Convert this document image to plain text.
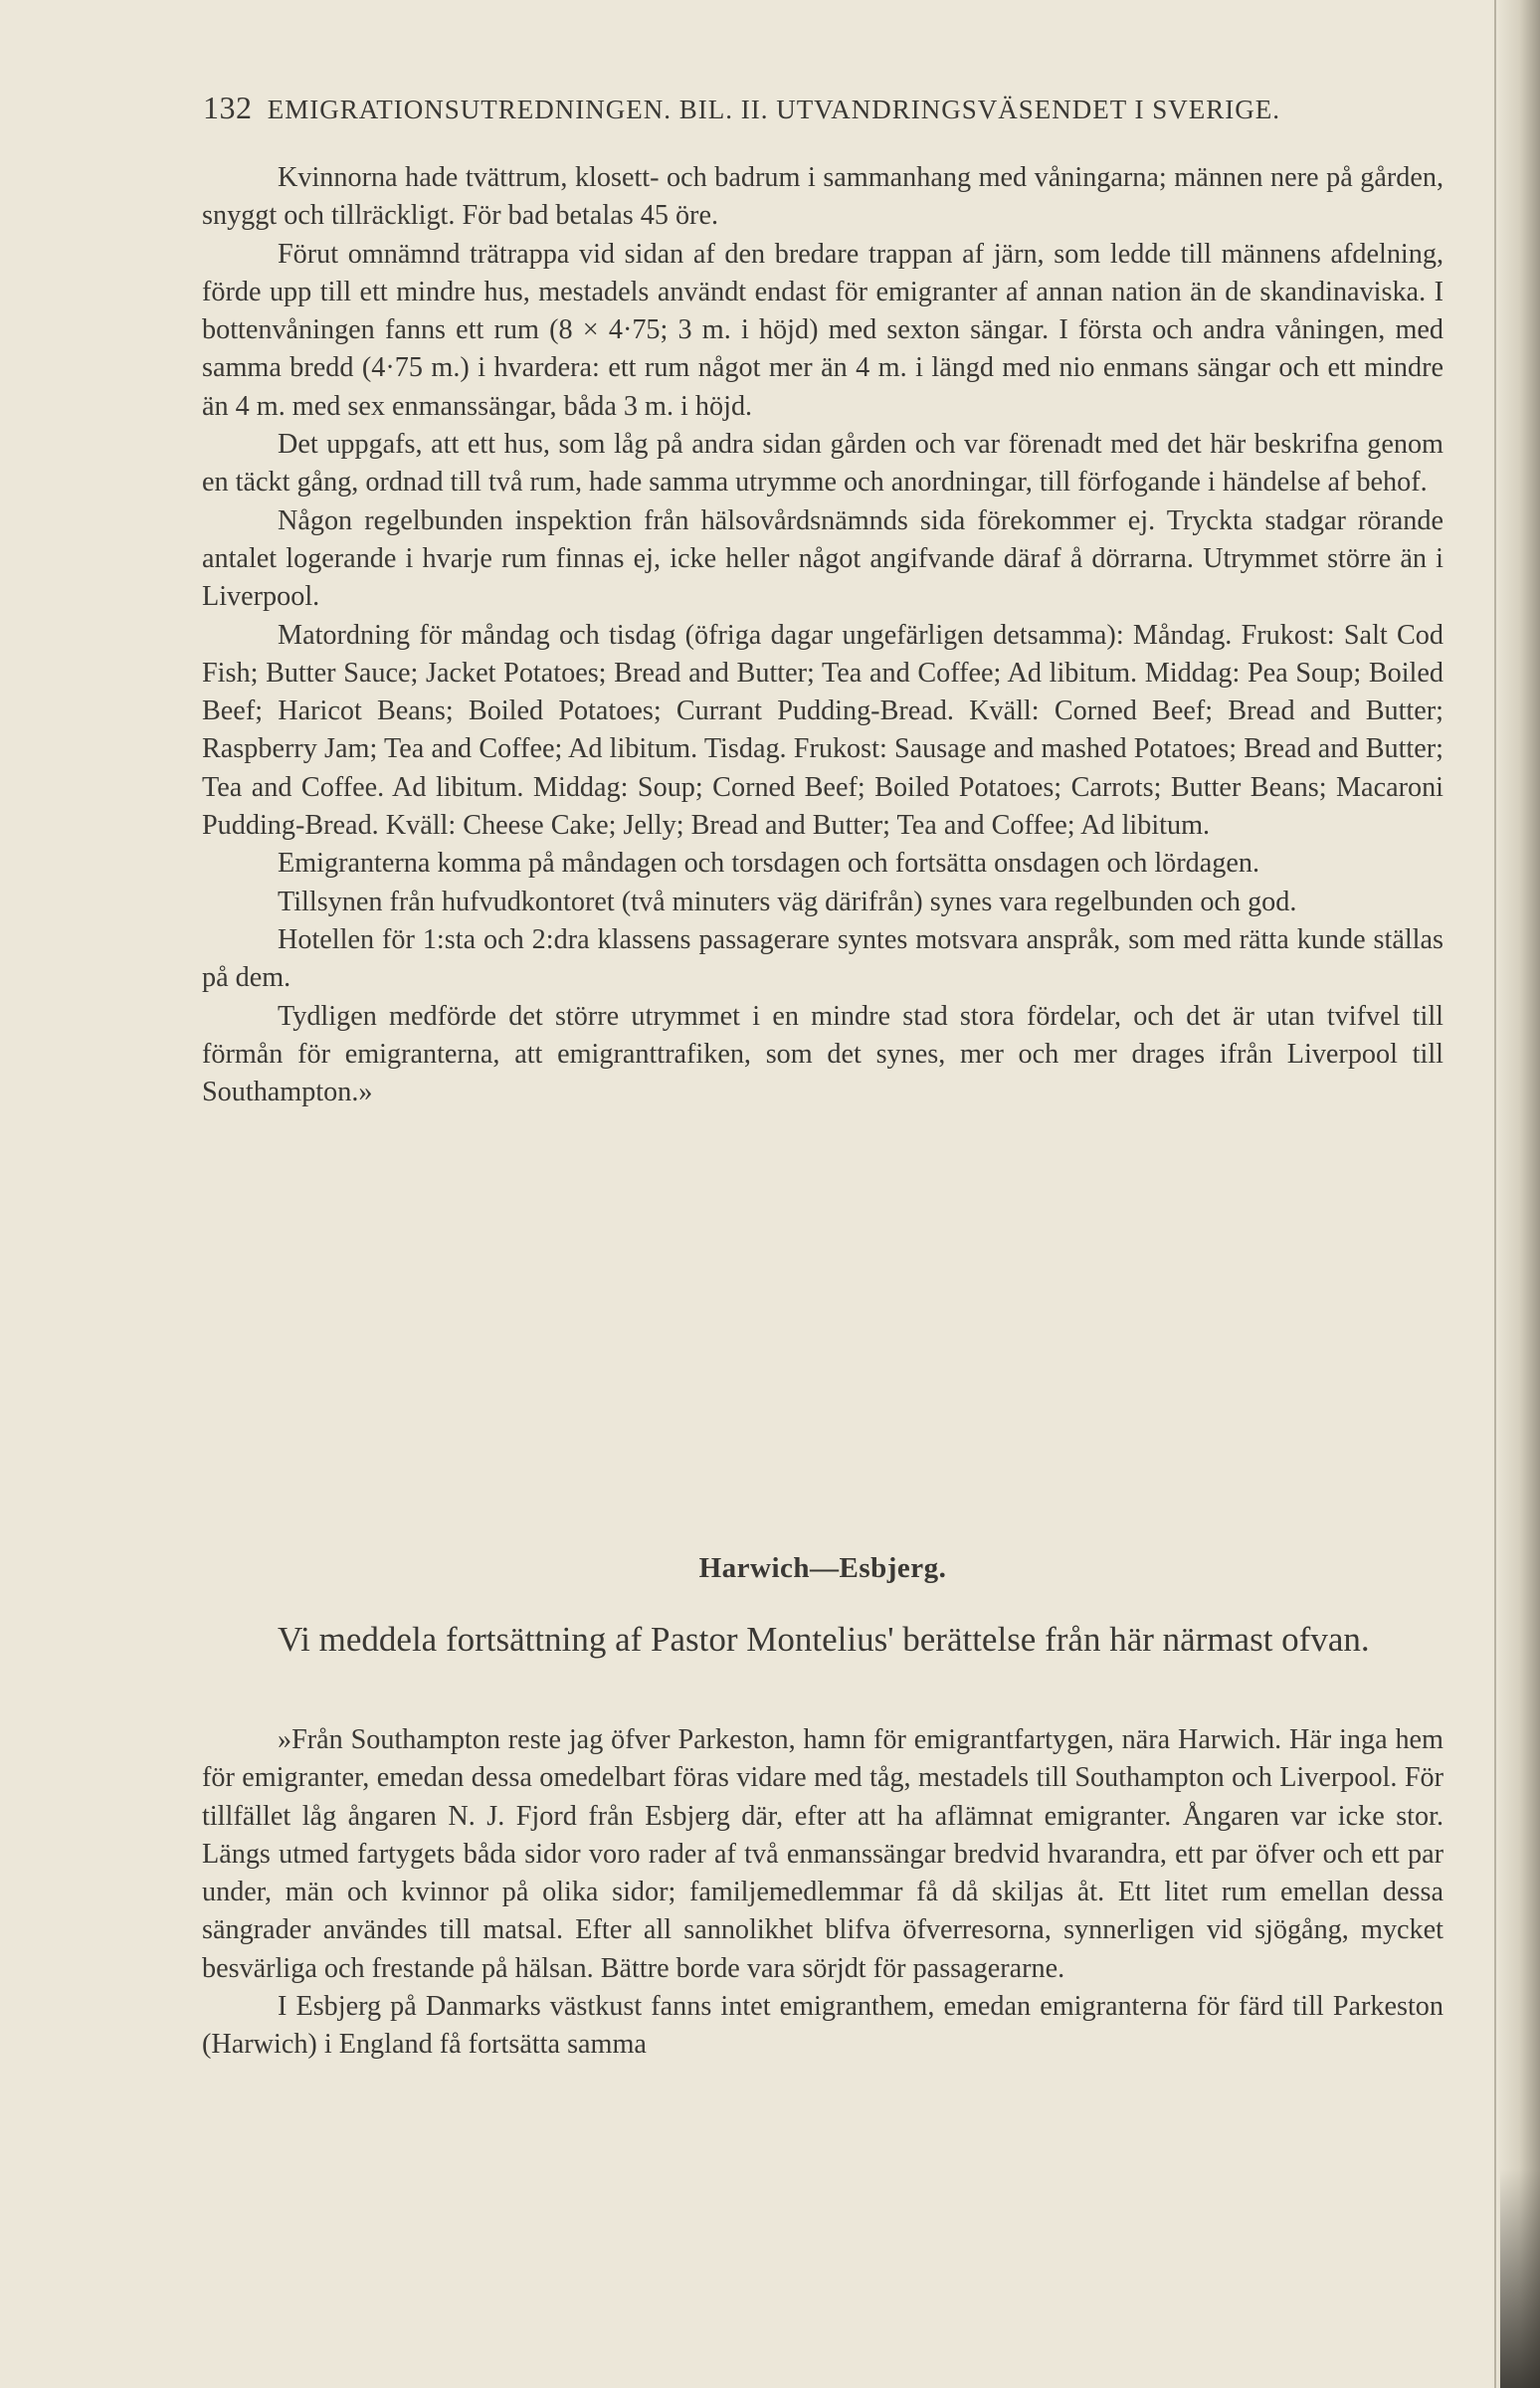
132 EMIGRATIONSUTREDNINGEN. BIL. II. UTVANDRINGSVÄSENDET I SVERIGE.

Kvinnorna hade tvättrum, klosett- och badrum i sammanhang med våningarna; männen nere på gården, snyggt och tillräckligt. För bad betalas 45 öre.

Förut omnämnd trätrappa vid sidan af den bredare trappan af järn, som ledde till männens afdelning, förde upp till ett mindre hus, mestadels användt endast för emigranter af annan nation än de skandinaviska. I bottenvåningen fanns ett rum (8 × 4·75; 3 m. i höjd) med sexton sängar. I första och andra våningen, med samma bredd (4·75 m.) i hvardera: ett rum något mer än 4 m. i längd med nio enmans sängar och ett mindre än 4 m. med sex enmanssängar, båda 3 m. i höjd.

Det uppgafs, att ett hus, som låg på andra sidan gården och var förenadt med det här beskrifna genom en täckt gång, ordnad till två rum, hade samma utrymme och anordningar, till förfogande i händelse af behof.

Någon regelbunden inspektion från hälsovårdsnämnds sida förekommer ej. Tryckta stadgar rörande antalet logerande i hvarje rum finnas ej, icke heller något angifvande däraf å dörrarna. Utrymmet större än i Liverpool.

Matordning för måndag och tisdag (öfriga dagar ungefärligen detsamma): Måndag. Frukost: Salt Cod Fish; Butter Sauce; Jacket Potatoes; Bread and Butter; Tea and Coffee; Ad libitum. Middag: Pea Soup; Boiled Beef; Haricot Beans; Boiled Potatoes; Currant Pudding-Bread. Kväll: Corned Beef; Bread and Butter; Raspberry Jam; Tea and Coffee; Ad libitum. Tisdag. Frukost: Sausage and mashed Potatoes; Bread and Butter; Tea and Coffee. Ad libitum. Middag: Soup; Corned Beef; Boiled Potatoes; Carrots; Butter Beans; Macaroni Pudding-Bread. Kväll: Cheese Cake; Jelly; Bread and Butter; Tea and Coffee; Ad libitum.

Emigranterna komma på måndagen och torsdagen och fortsätta onsdagen och lördagen.

Tillsynen från hufvudkontoret (två minuters väg därifrån) synes vara regelbunden och god.

Hotellen för 1:sta och 2:dra klassens passagerare syntes motsvara anspråk, som med rätta kunde ställas på dem.

Tydligen medförde det större utrymmet i en mindre stad stora fördelar, och det är utan tvifvel till förmån för emigranterna, att emigranttrafiken, som det synes, mer och mer drages ifrån Liverpool till Southampton.»

Harwich—Esbjerg.

Vi meddela fortsättning af Pastor Montelius' berättelse från här närmast ofvan.

»Från Southampton reste jag öfver Parkeston, hamn för emigrantfartygen, nära Harwich. Här inga hem för emigranter, emedan dessa omedelbart föras vidare med tåg, mestadels till Southampton och Liverpool. För tillfället låg ångaren N. J. Fjord från Esbjerg där, efter att ha aflämnat emigranter. Ångaren var icke stor. Längs utmed fartygets båda sidor voro rader af två enmanssängar bredvid hvarandra, ett par öfver och ett par under, män och kvinnor på olika sidor; familjemedlemmar få då skiljas åt. Ett litet rum emellan dessa sängrader användes till matsal. Efter all sannolikhet blifva öfverresorna, synnerligen vid sjögång, mycket besvärliga och frestande på hälsan. Bättre borde vara sörjdt för passagerarne.

I Esbjerg på Danmarks västkust fanns intet emigranthem, emedan emigranterna för färd till Parkeston (Harwich) i England få fortsätta samma
